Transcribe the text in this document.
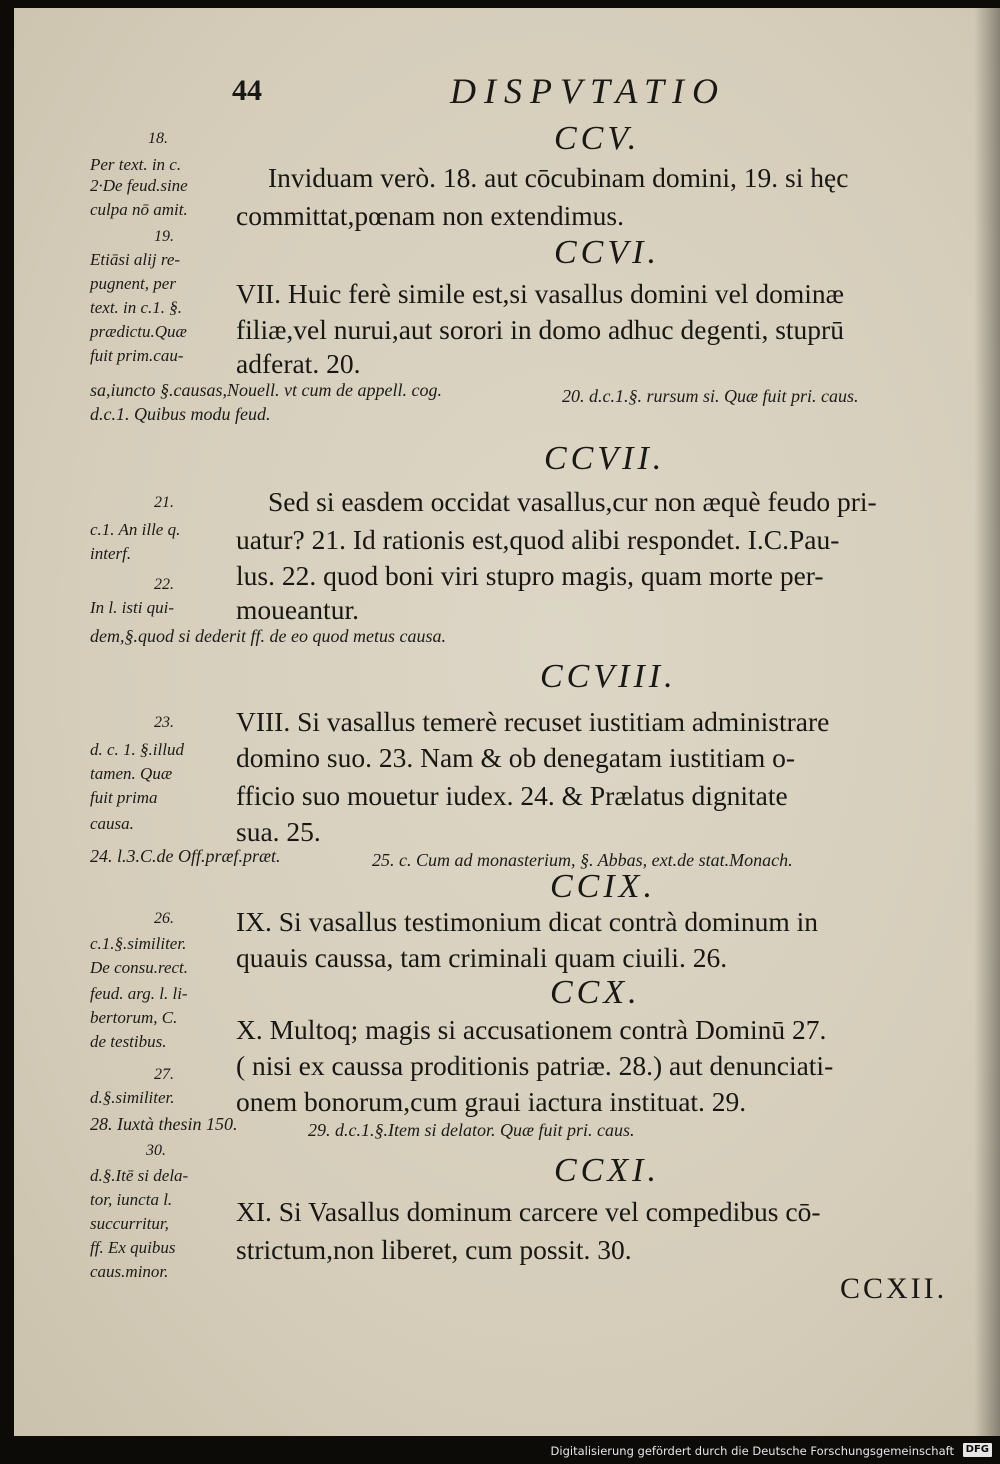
44	DISPVTATIO
CCV.
18.
Per text. in c.
2·De feud.sine
culpa nō amit.
Inviduam verò. 18. aut cōcubinam domini, 19. si hęc
committat,pœnam non extendimus.
19.	CCVI.
Etiāsi alij re-
pugnent, per
text. in c.1. §.
prædictu.Quæ
fuit prim.cau-
VII. Huic ferè simile est,si vasallus domini vel dominæ
filiæ,vel nurui,aut sorori in domo adhuc degenti, stuprū
adferat. 20.
sa,iuncto §.causas,Nouell. vt cum de appell. cog.	20. d.c.1.§. rursum si. Quæ fuit pri. caus.
d.c.1. Quibus modu feud.
CCVII.
21.
c.1. An ille q.
interf.
22.
In l. isti qui-
Sed si easdem occidat vasallus,cur non æquè feudo pri-
uatur? 21. Id rationis est,quod alibi respondet. I.C.Pau-
lus. 22. quod boni viri stupro magis, quam morte per-
moueantur.
dem,§.quod si dederit ff. de eo quod metus causa.
CCVIII.
23.
d. c. 1. §.illud
tamen. Quæ
fuit prima
causa.
VIII. Si vasallus temerè recuset iustitiam administrare
domino suo. 23. Nam & ob denegatam iustitiam o-
fficio suo mouetur iudex. 24. & Prælatus dignitate
sua. 25.
24. l.3.C.de Off.præf.præt.	25. c. Cum ad monasterium, §. Abbas, ext.de stat.Monach.
CCIX.
26.
c.1.§.similiter.
De consu.rect.
feud. arg. l. li-
bertorum, C.
de testibus.
IX. Si vasallus testimonium dicat contrà dominum in
quauis caussa, tam criminali quam ciuili. 26.
CCX.
X. Multoq; magis si accusationem contrà Dominū 27.
( nisi ex caussa proditionis patriæ. 28.) aut denunciati-
onem bonorum,cum graui iactura instituat. 29.
27.
d.§.similiter.
28. Iuxtà thesin 150.	29. d.c.1.§.Item si delator. Quæ fuit pri. caus.
30.
CCXI.
d.§.Itē si dela-
tor, iuncta l.
succurritur,
ff. Ex quibus
caus.minor.
XI. Si Vasallus dominum carcere vel compedibus cō-
strictum,non liberet, cum possit. 30.
CCXII.
Digitalisierung gefördert durch die Deutsche Forschungsgemeinschaft	DFG
